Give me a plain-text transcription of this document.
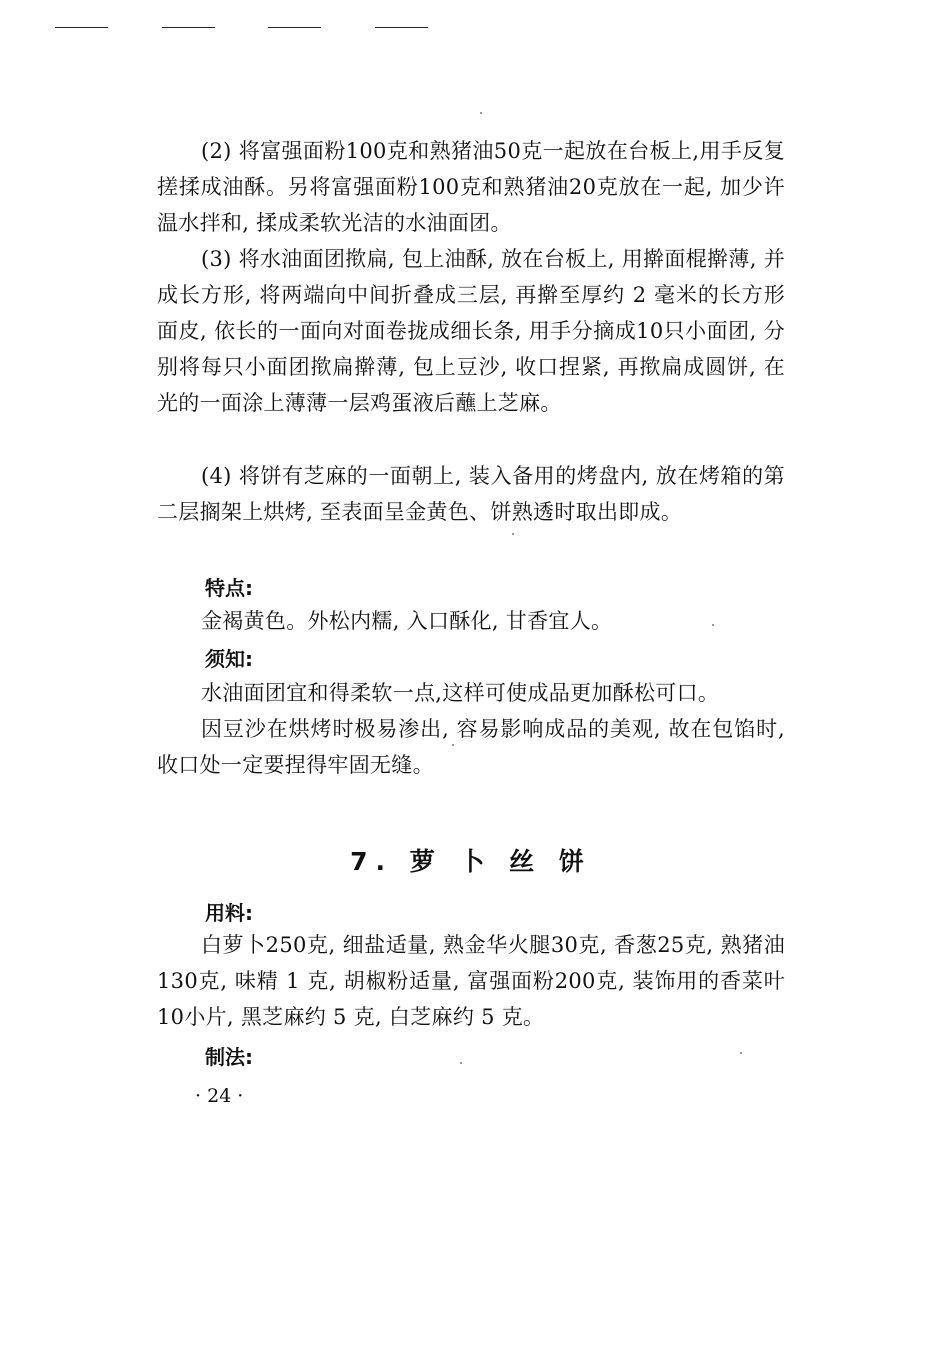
(2) 将富强面粉100克和熟猪油50克一起放在台板上,用手反复搓揉成油酥。另将富强面粉100克和熟猪油20克放在一起, 加少许温水拌和, 揉成柔软光洁的水油面团。

(3) 将水油面团揿扁, 包上油酥, 放在台板上, 用擀面棍擀薄, 并成长方形, 将两端向中间折叠成三层, 再擀至厚约 2 毫米的长方形面皮, 依长的一面向对面卷拢成细长条, 用手分摘成10只小面团, 分别将每只小面团揿扁擀薄, 包上豆沙, 收口捏紧, 再揿扁成圆饼, 在光的一面涂上薄薄一层鸡蛋液后蘸上芝麻。

(4) 将饼有芝麻的一面朝上, 装入备用的烤盘内, 放在烤箱的第二层搁架上烘烤, 至表面呈金黄色、饼熟透时取出即成。

特点:

金褐黄色。外松内糯, 入口酥化, 甘香宜人。

须知:

水油面团宜和得柔软一点,这样可使成品更加酥松可口。

因豆沙在烘烤时极易渗出, 容易影响成品的美观, 故在包馅时, 收口处一定要捏得牢固无缝。

7. 萝 卜 丝 饼

用料:

白萝卜250克, 细盐适量, 熟金华火腿30克, 香葱25克, 熟猪油130克, 味精 1 克, 胡椒粉适量, 富强面粉200克, 装饰用的香菜叶10小片, 黑芝麻约 5 克, 白芝麻约 5 克。

制法:

· 24 ·
